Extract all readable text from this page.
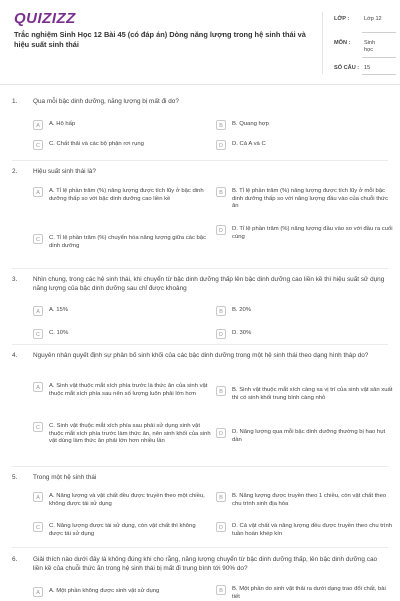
QUIZIZZ
Trắc nghiệm Sinh Học 12 Bài 45 (có đáp án) Dòng năng lượng trong hệ sinh thái và hiệu suất sinh thái
LỚP :	Lớp 12
MÔN : Sinh học
SỐ CÂU : 15
1. Qua mỗi bậc dinh dưỡng, năng lượng bị mất đi do?
A	A. Hô hấp	B	B. Quang hợp
C	C. Chất thải và các bộ phận rơi rụng	D	D. Cả A và C
2. Hiệu suất sinh thái là?
A	A. Tỉ lệ phần trăm (%) năng lượng được tích lũy ở bậc dinh dưỡng thấp so với bậc dinh dưỡng cao liền kề
B	B. Tỉ lệ phần trăm (%) năng lượng được tích lũy ở mỗi bậc dinh dưỡng thấp so với năng lượng đầu vào của chuỗi thức ăn
C	C. Tỉ lệ phần trăm (%) chuyển hóa năng lượng giữa các bậc dinh dưỡng
D	D. Tỉ lệ phần trăm (%) năng lượng đầu vào so với đầu ra cuối cùng
3. Nhìn chung, trong các hệ sinh thái, khi chuyển từ bậc dinh dưỡng thấp lên bậc dinh dưỡng cao liền kề thì hiệu suất sử dụng năng lượng của bậc dinh dưỡng sau chỉ được khoảng
A	A. 15%	B	B. 20%
C	C. 10%	D	D. 30%
4. Nguyên nhân quyết định sự phân bố sinh khối của các bậc dinh dưỡng trong một hệ sinh thái theo dạng hình tháp do?
A	A. Sinh vật thuộc mắt xích phía trước là thức ăn của sinh vật thuộc mắt xích phía sau nên số lượng luôn phải lớn hơn	B	B. Sinh vật thuộc mắt xích càng xa vị trí của sinh vật sản xuất thì có sinh khối trung bình càng nhỏ
C	C. Sinh vật thuộc mắt xích phía sau phải sử dụng sinh vật thuộc mắt xích phía trước làm thức ăn, nên sinh khối của sinh vật dùng làm thức ăn phải lớn hơn nhiều lần
D	D. Năng lượng qua mỗi bậc dinh dưỡng thường bị hao hụt dần
5. Trong một hệ sinh thái
A	A. Năng lượng và vật chất đều được truyền theo một chiều, không được tái sử dụng
B	B. Năng lượng được truyền theo 1 chiều, còn vật chất theo chu trình sinh địa hóa
C	C. Năng lượng được tái sử dụng, còn vật chất thì không được tái sử dụng
D	D. Cả vật chất và năng lượng đều được truyền theo chu trình tuần hoàn khép kín
6. Giải thích nào dưới đây là không đúng khi cho rằng, năng lượng chuyển từ bậc dinh dưỡng thấp, lên bậc dinh dưỡng cao liền kề của chuỗi thức ăn trong hệ sinh thái bị mất đi trung bình tới 90% do?
A	A. Một phần không được sinh vật sử dụng	B	B. Một phần do sinh vật thải ra dưới dạng trao đổi chất, bài tiết
